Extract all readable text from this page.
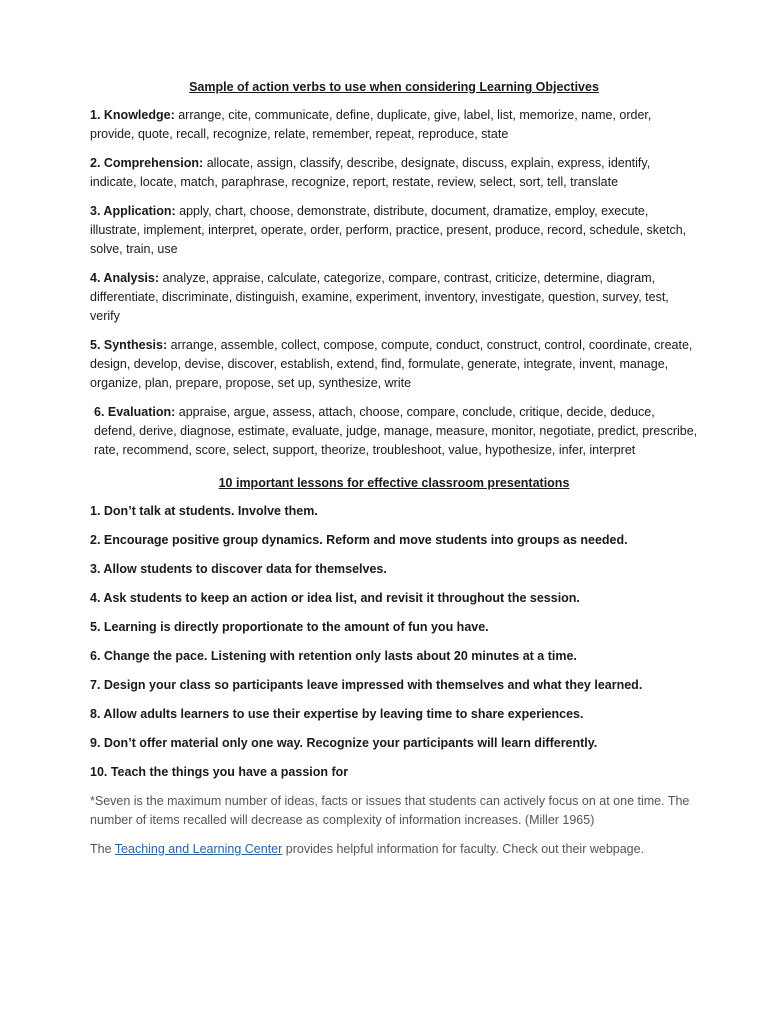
Sample of action verbs to use when considering Learning Objectives

1. Knowledge: arrange, cite, communicate, define, duplicate, give, label, list, memorize, name, order, provide, quote, recall, recognize, relate, remember, repeat, reproduce, state

2. Comprehension: allocate, assign, classify, describe, designate, discuss, explain, express, identify, indicate, locate, match, paraphrase, recognize, report, restate, review, select, sort, tell, translate

3. Application: apply, chart, choose, demonstrate, distribute, document, dramatize, employ, execute, illustrate, implement, interpret, operate, order, perform, practice, present, produce, record, schedule, sketch, solve, train, use

4. Analysis: analyze, appraise, calculate, categorize, compare, contrast, criticize, determine, diagram, differentiate, discriminate, distinguish, examine, experiment, inventory, investigate, question, survey, test, verify

5. Synthesis: arrange, assemble, collect, compose, compute, conduct, construct, control, coordinate, create, design, develop, devise, discover, establish, extend, find, formulate, generate, integrate, invent, manage, organize, plan, prepare, propose, set up, synthesize, write

6. Evaluation: appraise, argue, assess, attach, choose, compare, conclude, critique, decide, deduce, defend, derive, diagnose, estimate, evaluate, judge, manage, measure, monitor, negotiate, predict, prescribe, rate, recommend, score, select, support, theorize, troubleshoot, value, hypothesize, infer, interpret

10 important lessons for effective classroom presentations

1. Don’t talk at students. Involve them.

2. Encourage positive group dynamics. Reform and move students into groups as needed.

3. Allow students to discover data for themselves.

4. Ask students to keep an action or idea list, and revisit it throughout the session.

5. Learning is directly proportionate to the amount of fun you have.

6. Change the pace. Listening with retention only lasts about 20 minutes at a time.

7. Design your class so participants leave impressed with themselves and what they learned.

8. Allow adults learners to use their expertise by leaving time to share experiences.

9. Don’t offer material only one way. Recognize your participants will learn differently.

10. Teach the things you have a passion for

*Seven is the maximum number of ideas, facts or issues that students can actively focus on at one time. The number of items recalled will decrease as complexity of information increases. (Miller 1965)

The Teaching and Learning Center provides helpful information for faculty. Check out their webpage.
